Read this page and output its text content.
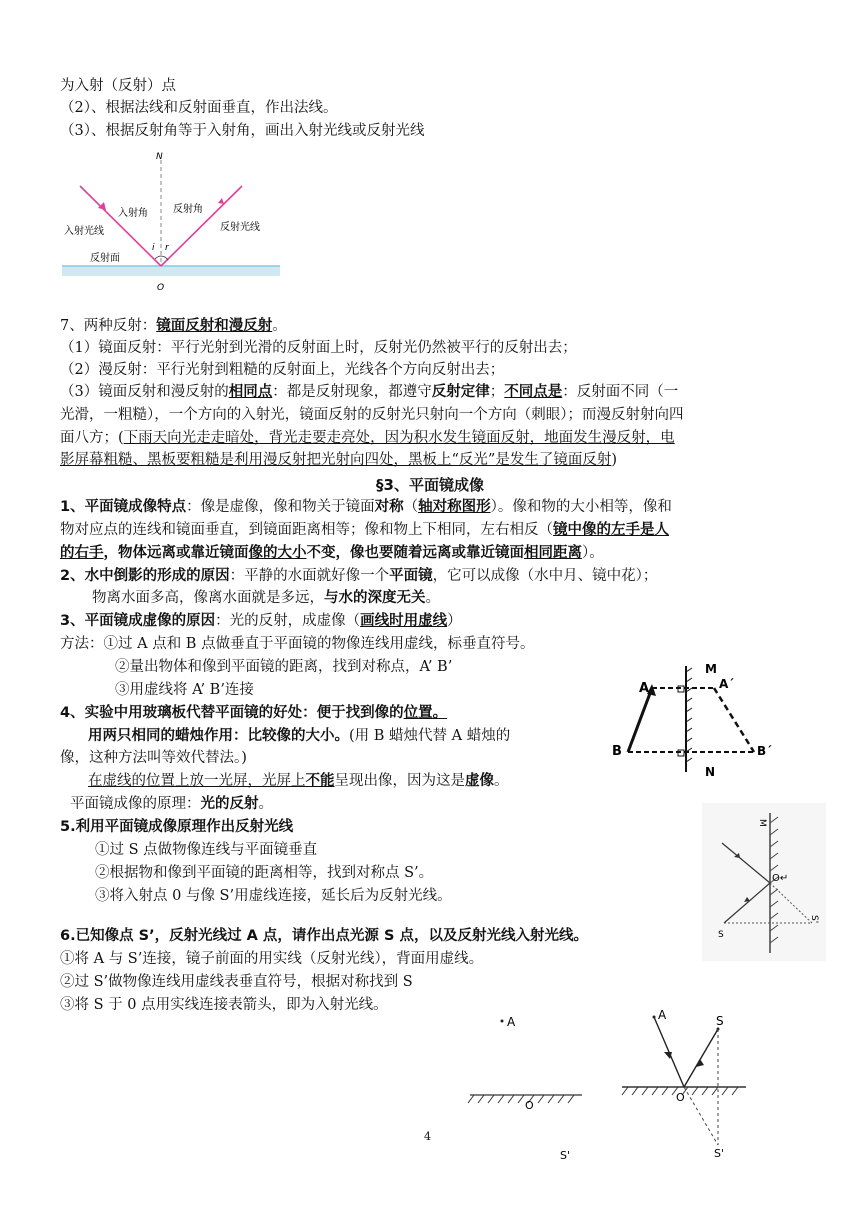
为入射（反射）点
（2）、根据法线和反射面垂直，作出法线。
（3）、根据反射角等于入射角，画出入射光线或反射光线
N
入射角	反射角
入射光线	反射光线
i r
反射面
O
7、两种反射：镜面反射和漫反射。
（1）镜面反射：平行光射到光滑的反射面上时，反射光仍然被平行的反射出去；
（2）漫反射：平行光射到粗糙的反射面上，光线各个方向反射出去；
（3）镜面反射和漫反射的相同点：都是反射现象，都遵守反射定律；不同点是：反射面不同（一
光滑，一粗糙），一个方向的入射光，镜面反射的反射光只射向一个方向（刺眼）；而漫反射射向四
面八方；(下雨天向光走走暗处，背光走要走亮处，因为积水发生镜面反射，地面发生漫反射，电
影屏幕粗糙、黑板要粗糙是利用漫反射把光射向四处，黑板上“反光”是发生了镜面反射)
§3、平面镜成像
1、平面镜成像特点：像是虚像，像和物关于镜面对称（轴对称图形）。像和物的大小相等，像和
物对应点的连线和镜面垂直，到镜面距离相等；像和物上下相同，左右相反（镜中像的左手是人
的右手，物体远离或靠近镜面像的大小不变，像也要随着远离或靠近镜面相同距离）。
2、水中倒影的形成的原因：平静的水面就好像一个平面镜，它可以成像（水中月、镜中花）；
物离水面多高，像离水面就是多远，与水的深度无关。
3、平面镜成虚像的原因：光的反射，成虚像（画线时用虚线）
方法：①过 A 点和 B 点做垂直于平面镜的物像连线用虚线，标垂直符号。
②量出物体和像到平面镜的距离，找到对称点，A’ B’
③用虚线将 A’ B’连接
4、实验中用玻璃板代替平面镜的好处：便于找到像的位置。
用两只相同的蜡烛作用：比较像的大小。(用 B 蜡烛代替 A 蜡烛的
像，这种方法叫等效代替法。)
在虚线的位置上放一光屏，光屏上不能呈现出像，因为这是虚像。
平面镜成像的原理：光的反射。
5.利用平面镜成像原理作出反射光线
①过 S 点做物像连线与平面镜垂直
②根据物和像到平面镜的距离相等，找到对称点 S’。
③将入射点 0 与像 S’用虚线连接，延长后为反射光线。
6.已知像点 S’，反射光线过 A 点，请作出点光源 S 点，以及反射光线入射光线。
①将 A 与 S’连接，镜子前面的用实线（反射光线），背面用虚线。
②过 S’做物像连线用虚线表垂直符号，根据对称找到 S
③将 S 于 0 点用实线连接表箭头，即为入射光线。
4
A
M
A´
B	B´
N
M
O↵
S
S'
A
O
S'
A	S
O
S'
